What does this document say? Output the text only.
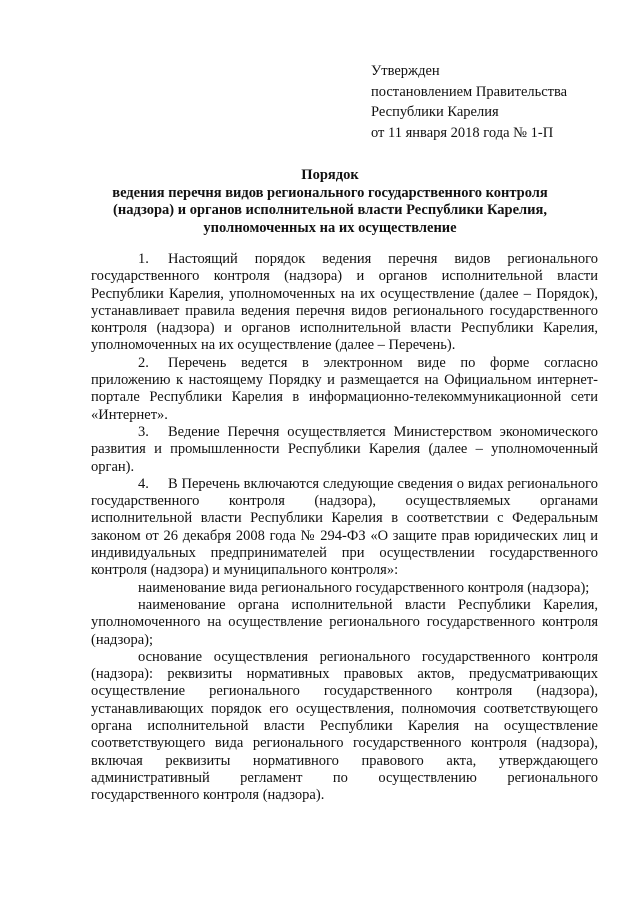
Утвержден
постановлением Правительства
Республики Карелия
от 11 января 2018 года № 1-П
Порядок
ведения перечня видов регионального государственного контроля
(надзора) и органов исполнительной власти Республики Карелия,
уполномоченных на их осуществление

1. Настоящий порядок ведения перечня видов регионального государственного контроля (надзора) и органов исполнительной власти Республики Карелия, уполномоченных на их осуществление (далее – Порядок), устанавливает правила ведения перечня видов регионального государственного контроля (надзора) и органов исполнительной власти Республики Карелия, уполномоченных на их осуществление (далее – Перечень).

2. Перечень ведется в электронном виде по форме согласно приложению к настоящему Порядку и размещается на Официальном интернет-портале Республики Карелия в информационно-телекоммуникационной сети «Интернет».

3. Ведение Перечня осуществляется Министерством экономического развития и промышленности Республики Карелия (далее – уполномоченный орган).

4. В Перечень включаются следующие сведения о видах регионального государственного контроля (надзора), осуществляемых органами исполнительной власти Республики Карелия в соответствии с Федеральным законом от 26 декабря 2008 года № 294-ФЗ «О защите прав юридических лиц и индивидуальных предпринимателей при осуществлении государственного контроля (надзора) и муниципального контроля»:

наименование вида регионального государственного контроля (надзора);

наименование органа исполнительной власти Республики Карелия, уполномоченного на осуществление регионального государственного контроля (надзора);

основание осуществления регионального государственного контроля (надзора): реквизиты нормативных правовых актов, предусматривающих осуществление регионального государственного контроля (надзора), устанавливающих порядок его осуществления, полномочия соответствующего органа исполнительной власти Республики Карелия на осуществление соответствующего вида регионального государственного контроля (надзора), включая реквизиты нормативного правового акта, утверждающего административный регламент по осуществлению регионального государственного контроля (надзора).
